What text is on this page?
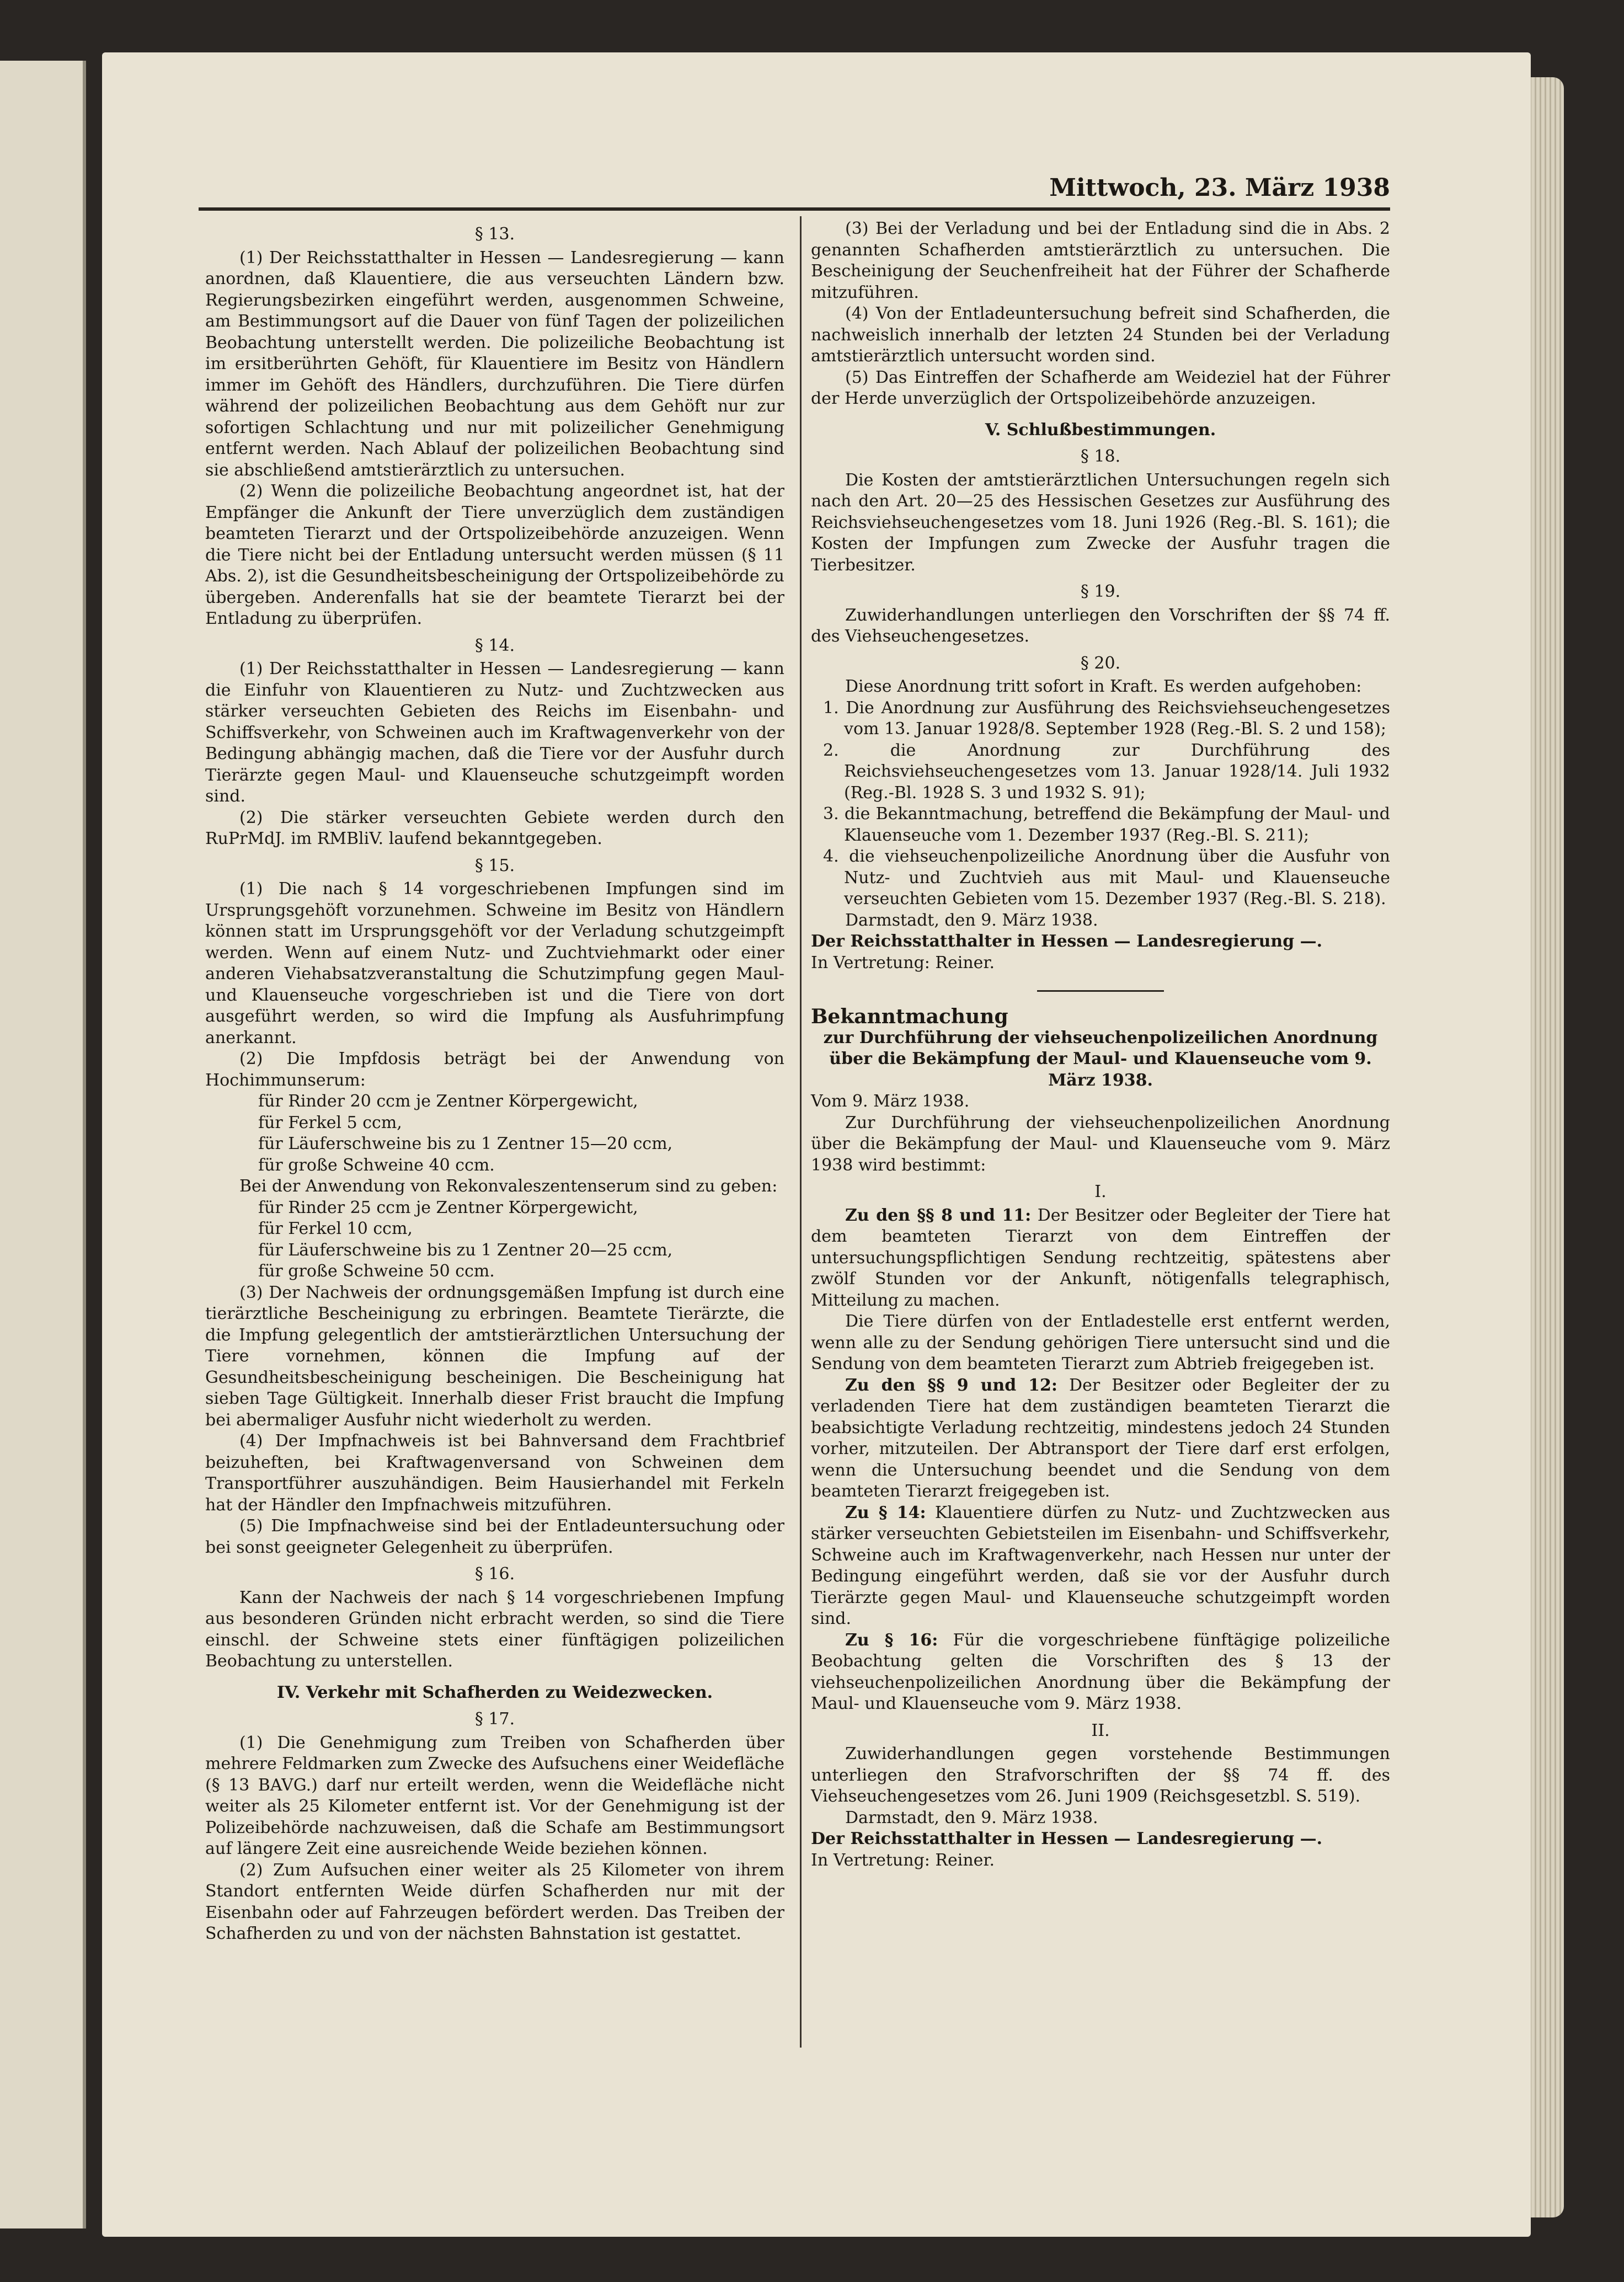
Mittwoch, 23. März 1938

§ 13.

(1) Der Reichsstatthalter in Hessen — Landesregierung — kann anordnen, daß Klauentiere, die aus verseuchten Ländern bzw. Regierungsbezirken eingeführt werden, ausgenommen Schweine, am Bestimmungsort auf die Dauer von fünf Tagen der polizeilichen Beobachtung unterstellt werden. Die polizeiliche Beobachtung ist im ersitberührten Gehöft, für Klauentiere im Besitz von Händlern immer im Gehöft des Händlers, durchzuführen. Die Tiere dürfen während der polizeilichen Beobachtung aus dem Gehöft nur zur sofortigen Schlachtung und nur mit polizeilicher Genehmigung entfernt werden. Nach Ablauf der polizeilichen Beobachtung sind sie abschließend amtstierärztlich zu untersuchen.

(2) Wenn die polizeiliche Beobachtung angeordnet ist, hat der Empfänger die Ankunft der Tiere unverzüglich dem zuständigen beamteten Tierarzt und der Ortspolizeibehörde anzuzeigen. Wenn die Tiere nicht bei der Entladung untersucht werden müssen (§ 11 Abs. 2), ist die Gesundheitsbescheinigung der Ortspolizeibehörde zu übergeben. Anderenfalls hat sie der beamtete Tierarzt bei der Entladung zu überprüfen.

§ 14.

(1) Der Reichsstatthalter in Hessen — Landesregierung — kann die Einfuhr von Klauentieren zu Nutz- und Zuchtzwecken aus stärker verseuchten Gebieten des Reichs im Eisenbahn- und Schiffsverkehr, von Schweinen auch im Kraftwagenverkehr von der Bedingung abhängig machen, daß die Tiere vor der Ausfuhr durch Tierärzte gegen Maul- und Klauenseuche schutzgeimpft worden sind.

(2) Die stärker verseuchten Gebiete werden durch den RuPrMdJ. im RMBliV. laufend bekanntgegeben.

§ 15.

(1) Die nach § 14 vorgeschriebenen Impfungen sind im Ursprungsgehöft vorzunehmen. Schweine im Besitz von Händlern können statt im Ursprungsgehöft vor der Verladung schutzgeimpft werden. Wenn auf einem Nutz- und Zuchtviehmarkt oder einer anderen Viehabsatzveranstaltung die Schutzimpfung gegen Maul- und Klauenseuche vorgeschrieben ist und die Tiere von dort ausgeführt werden, so wird die Impfung als Ausfuhrimpfung anerkannt.

(2) Die Impfdosis beträgt bei der Anwendung von Hochimmunserum:

für Rinder 20 ccm je Zentner Körpergewicht,

für Ferkel 5 ccm,

für Läuferschweine bis zu 1 Zentner 15—20 ccm,

für große Schweine 40 ccm.

Bei der Anwendung von Rekonvaleszentenserum sind zu geben:

für Rinder 25 ccm je Zentner Körpergewicht,

für Ferkel 10 ccm,

für Läuferschweine bis zu 1 Zentner 20—25 ccm,

für große Schweine 50 ccm.

(3) Der Nachweis der ordnungsgemäßen Impfung ist durch eine tierärztliche Bescheinigung zu erbringen. Beamtete Tierärzte, die die Impfung gelegentlich der amtstierärztlichen Untersuchung der Tiere vornehmen, können die Impfung auf der Gesundheitsbescheinigung bescheinigen. Die Bescheinigung hat sieben Tage Gültigkeit. Innerhalb dieser Frist braucht die Impfung bei abermaliger Ausfuhr nicht wiederholt zu werden.

(4) Der Impfnachweis ist bei Bahnversand dem Frachtbrief beizuheften, bei Kraftwagenversand von Schweinen dem Transportführer auszuhändigen. Beim Hausierhandel mit Ferkeln hat der Händler den Impfnachweis mitzuführen.

(5) Die Impfnachweise sind bei der Entladeuntersuchung oder bei sonst geeigneter Gelegenheit zu überprüfen.

§ 16.

Kann der Nachweis der nach § 14 vorgeschriebenen Impfung aus besonderen Gründen nicht erbracht werden, so sind die Tiere einschl. der Schweine stets einer fünftägigen polizeilichen Beobachtung zu unterstellen.

IV. Verkehr mit Schafherden zu Weidezwecken.

§ 17.

(1) Die Genehmigung zum Treiben von Schafherden über mehrere Feldmarken zum Zwecke des Aufsuchens einer Weidefläche (§ 13 BAVG.) darf nur erteilt werden, wenn die Weidefläche nicht weiter als 25 Kilometer entfernt ist. Vor der Genehmigung ist der Polizeibehörde nachzuweisen, daß die Schafe am Bestimmungsort auf längere Zeit eine ausreichende Weide beziehen können.

(2) Zum Aufsuchen einer weiter als 25 Kilometer von ihrem Standort entfernten Weide dürfen Schafherden nur mit der Eisenbahn oder auf Fahrzeugen befördert werden. Das Treiben der Schafherden zu und von der nächsten Bahnstation ist gestattet.

(3) Bei der Verladung und bei der Entladung sind die in Abs. 2 genannten Schafherden amtstierärztlich zu untersuchen. Die Bescheinigung der Seuchenfreiheit hat der Führer der Schafherde mitzuführen.

(4) Von der Entladeuntersuchung befreit sind Schafherden, die nachweislich innerhalb der letzten 24 Stunden bei der Verladung amtstierärztlich untersucht worden sind.

(5) Das Eintreffen der Schafherde am Weideziel hat der Führer der Herde unverzüglich der Ortspolizeibehörde anzuzeigen.

V. Schlußbestimmungen.

§ 18.

Die Kosten der amtstierärztlichen Untersuchungen regeln sich nach den Art. 20—25 des Hessischen Gesetzes zur Ausführung des Reichsviehseuchengesetzes vom 18. Juni 1926 (Reg.-Bl. S. 161); die Kosten der Impfungen zum Zwecke der Ausfuhr tragen die Tierbesitzer.

§ 19.

Zuwiderhandlungen unterliegen den Vorschriften der §§ 74 ff. des Viehseuchengesetzes.

§ 20.

Diese Anordnung tritt sofort in Kraft. Es werden aufgehoben:

1. Die Anordnung zur Ausführung des Reichsviehseuchengesetzes vom 13. Januar 1928/8. September 1928 (Reg.-Bl. S. 2 und 158);

2. die Anordnung zur Durchführung des Reichsviehseuchengesetzes vom 13. Januar 1928/14. Juli 1932 (Reg.-Bl. 1928 S. 3 und 1932 S. 91);

3. die Bekanntmachung, betreffend die Bekämpfung der Maul- und Klauenseuche vom 1. Dezember 1937 (Reg.-Bl. S. 211);

4. die viehseuchenpolizeiliche Anordnung über die Ausfuhr von Nutz- und Zuchtvieh aus mit Maul- und Klauenseuche verseuchten Gebieten vom 15. Dezember 1937 (Reg.-Bl. S. 218).

Darmstadt, den 9. März 1938.

Der Reichsstatthalter in Hessen — Landesregierung —.

In Vertretung: Reiner.

Bekanntmachung

zur Durchführung der viehseuchenpolizeilichen Anordnung über die Bekämpfung der Maul- und Klauenseuche vom 9. März 1938.

Vom 9. März 1938.

Zur Durchführung der viehseuchenpolizeilichen Anordnung über die Bekämpfung der Maul- und Klauenseuche vom 9. März 1938 wird bestimmt:

I.

Zu den §§ 8 und 11: Der Besitzer oder Begleiter der Tiere hat dem beamteten Tierarzt von dem Eintreffen der untersuchungspflichtigen Sendung rechtzeitig, spätestens aber zwölf Stunden vor der Ankunft, nötigenfalls telegraphisch, Mitteilung zu machen.

Die Tiere dürfen von der Entladestelle erst entfernt werden, wenn alle zu der Sendung gehörigen Tiere untersucht sind und die Sendung von dem beamteten Tierarzt zum Abtrieb freigegeben ist.

Zu den §§ 9 und 12: Der Besitzer oder Begleiter der zu verladenden Tiere hat dem zuständigen beamteten Tierarzt die beabsichtigte Verladung rechtzeitig, mindestens jedoch 24 Stunden vorher, mitzuteilen. Der Abtransport der Tiere darf erst erfolgen, wenn die Untersuchung beendet und die Sendung von dem beamteten Tierarzt freigegeben ist.

Zu § 14: Klauentiere dürfen zu Nutz- und Zuchtzwecken aus stärker verseuchten Gebietsteilen im Eisenbahn- und Schiffsverkehr, Schweine auch im Kraftwagenverkehr, nach Hessen nur unter der Bedingung eingeführt werden, daß sie vor der Ausfuhr durch Tierärzte gegen Maul- und Klauenseuche schutzgeimpft worden sind.

Zu § 16: Für die vorgeschriebene fünftägige polizeiliche Beobachtung gelten die Vorschriften des § 13 der viehseuchenpolizeilichen Anordnung über die Bekämpfung der Maul- und Klauenseuche vom 9. März 1938.

II.

Zuwiderhandlungen gegen vorstehende Bestimmungen unterliegen den Strafvorschriften der §§ 74 ff. des Viehseuchengesetzes vom 26. Juni 1909 (Reichsgesetzbl. S. 519).

Darmstadt, den 9. März 1938.

Der Reichsstatthalter in Hessen — Landesregierung —.

In Vertretung: Reiner.
